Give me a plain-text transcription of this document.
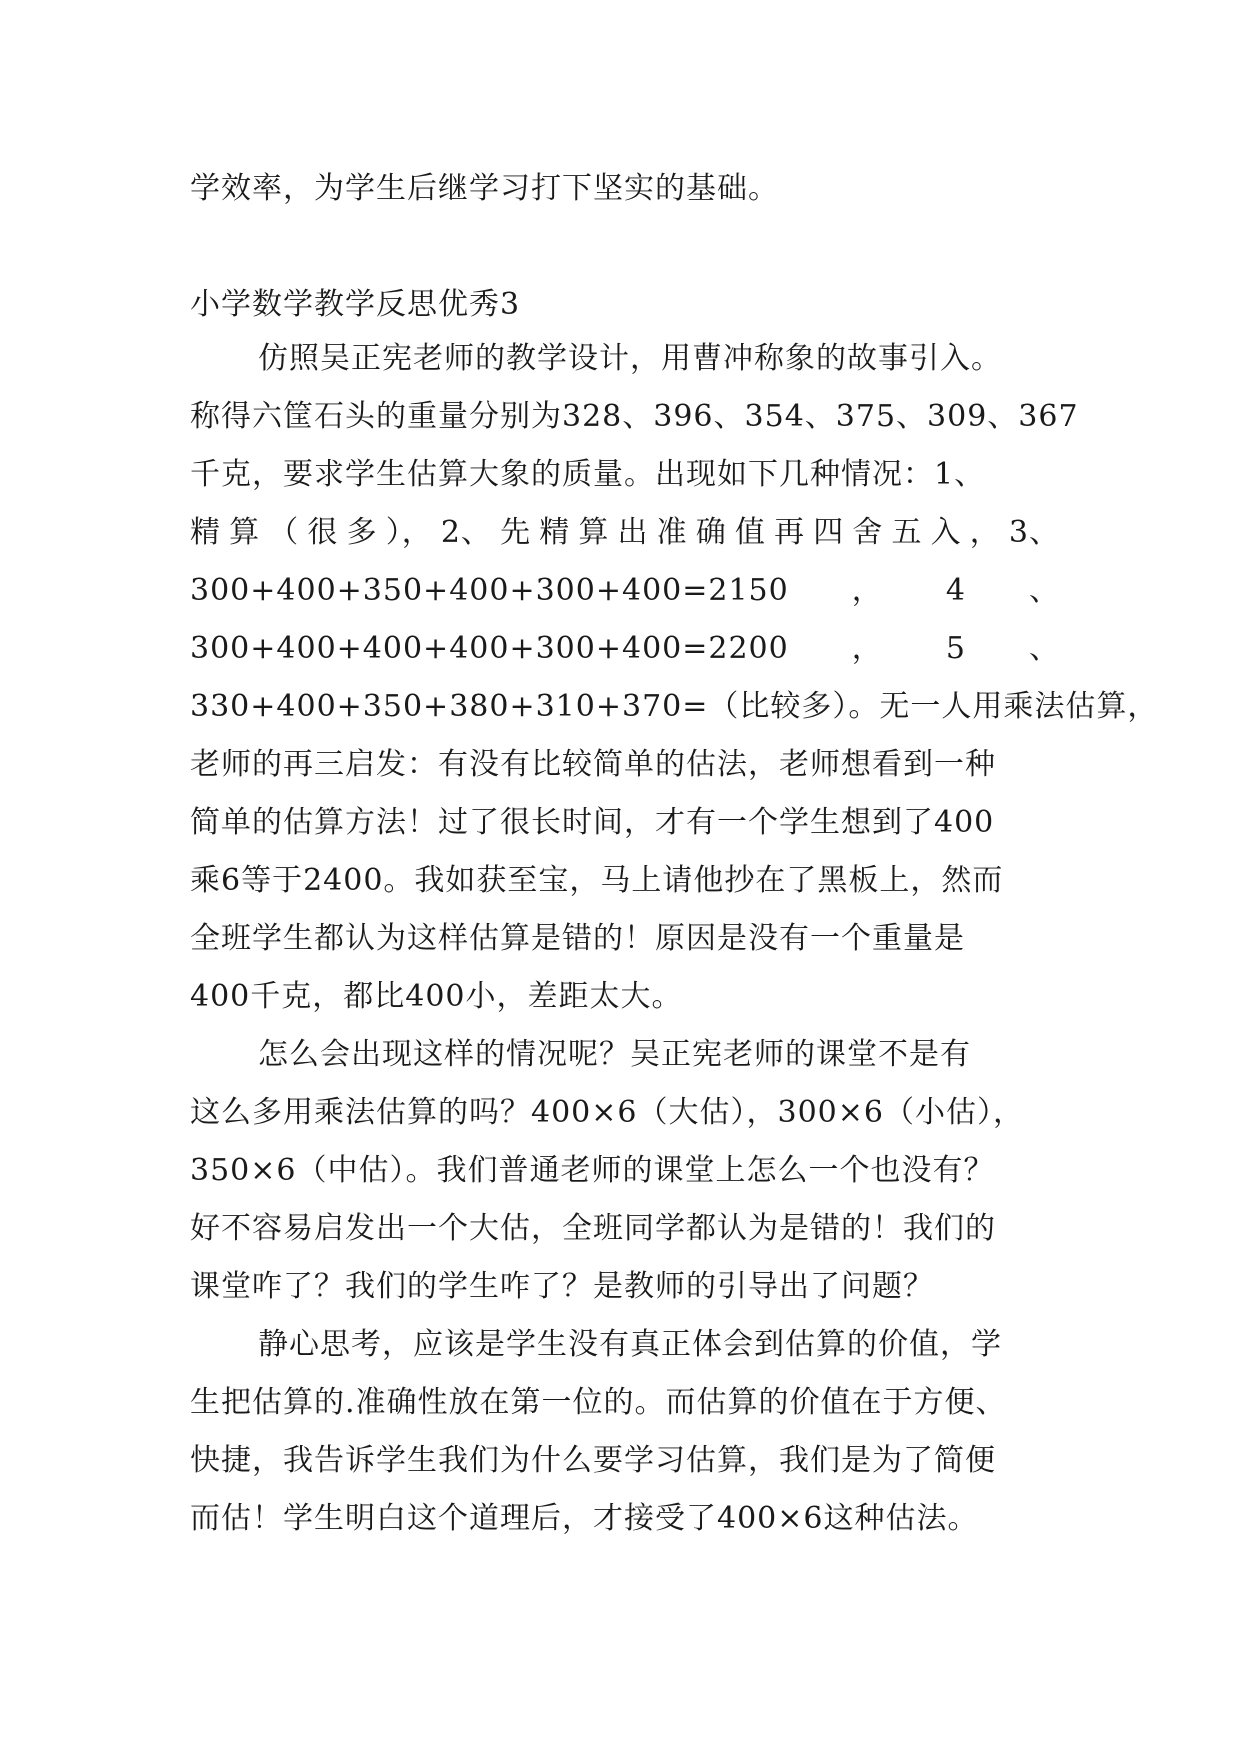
学效率，为学生后继学习打下坚实的基础。
小学数学教学反思优秀3
仿照吴正宪老师的教学设计，用曹冲称象的故事引入。
称得六筐石头的重量分别为328、396、354、375、309、367
千克，要求学生估算大象的质量。出现如下几种情况：1、
精 算 （ 很 多 ）， 2、 先 精 算 出 准 确 值 再 四 舍 五 入 ， 3、
300+400+350+400+300+400=2150 ， 4 、
300+400+400+400+300+400=2200 ， 5 、
330+400+350+380+310+370=（比较多）。无一人用乘法估算，
老师的再三启发：有没有比较简单的估法，老师想看到一种
简单的估算方法！过了很长时间，才有一个学生想到了400
乘6等于2400。我如获至宝，马上请他抄在了黑板上，然而
全班学生都认为这样估算是错的！原因是没有一个重量是
400千克，都比400小，差距太大。
怎么会出现这样的情况呢？吴正宪老师的课堂不是有
这么多用乘法估算的吗？400×6（大估），300×6（小估），
350×6（中估）。我们普通老师的课堂上怎么一个也没有？
好不容易启发出一个大估，全班同学都认为是错的！我们的
课堂咋了？我们的学生咋了？是教师的引导出了问题？
静心思考，应该是学生没有真正体会到估算的价值，学
生把估算的.准确性放在第一位的。而估算的价值在于方便、
快捷，我告诉学生我们为什么要学习估算，我们是为了简便
而估！学生明白这个道理后，才接受了400×6这种估法。
